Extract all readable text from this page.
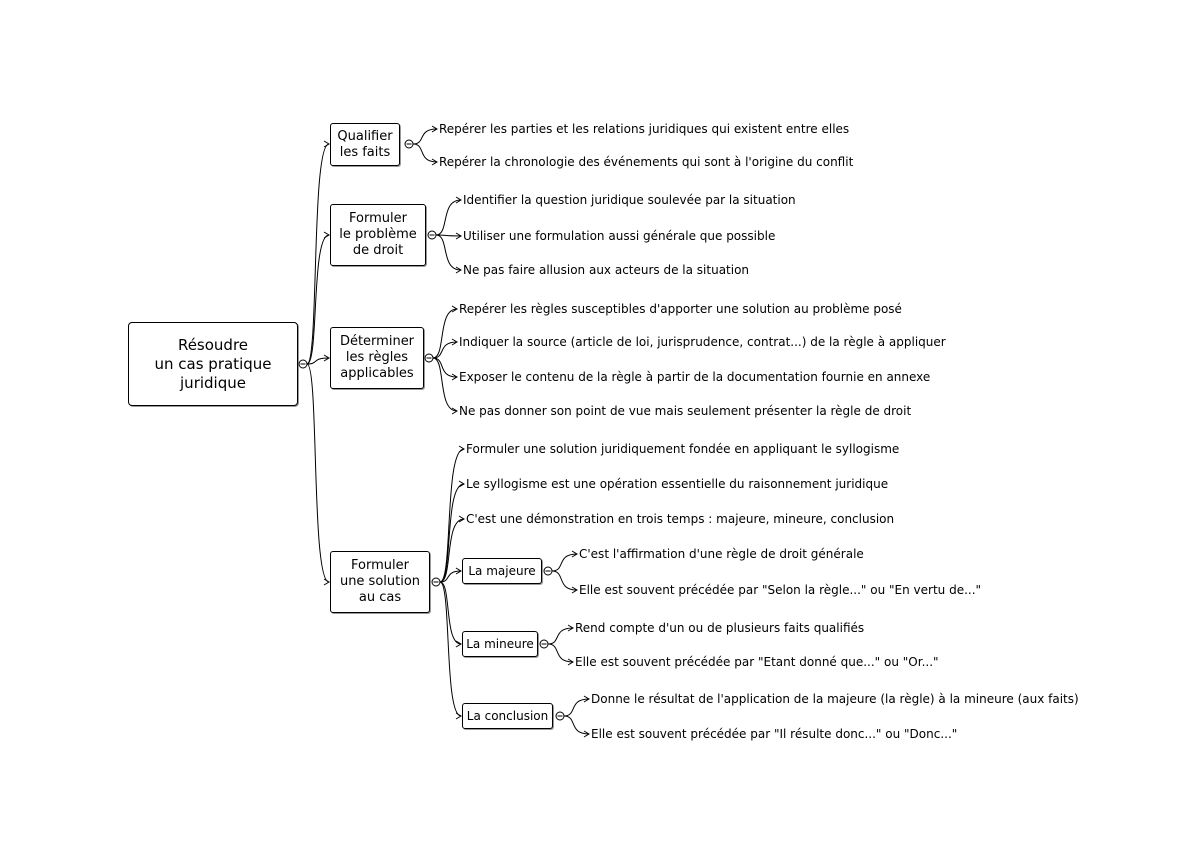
Résoudre
un cas pratique
juridique
Qualifier
les faits
Repérer les parties et les relations juridiques qui existent entre elles
Repérer la chronologie des événements qui sont à l'origine du conflit
Formuler
le problème
de droit
Identifier la question juridique soulevée par la situation
Utiliser une formulation aussi générale que possible
Ne pas faire allusion aux acteurs de la situation
Déterminer
les règles
applicables
Repérer les règles susceptibles d'apporter une solution au problème posé
Indiquer la source (article de loi, jurisprudence, contrat...) de la règle à appliquer
Exposer le contenu de la règle à partir de la documentation fournie en annexe
Ne pas donner son point de vue mais seulement présenter la règle de droit
Formuler
une solution
au cas
Formuler une solution juridiquement fondée en appliquant le syllogisme
Le syllogisme est une opération essentielle du raisonnement juridique
C'est une démonstration en trois temps : majeure, mineure, conclusion
La majeure
C'est l'affirmation d'une règle de droit générale
Elle est souvent précédée par "Selon la règle..." ou "En vertu de..."
La mineure
Rend compte d'un ou de plusieurs faits qualifiés
Elle est souvent précédée par "Etant donné que..." ou "Or..."
La conclusion
Donne le résultat de l'application de la majeure (la règle) à la mineure (aux faits)
Elle est souvent précédée par "Il résulte donc..." ou "Donc..."
